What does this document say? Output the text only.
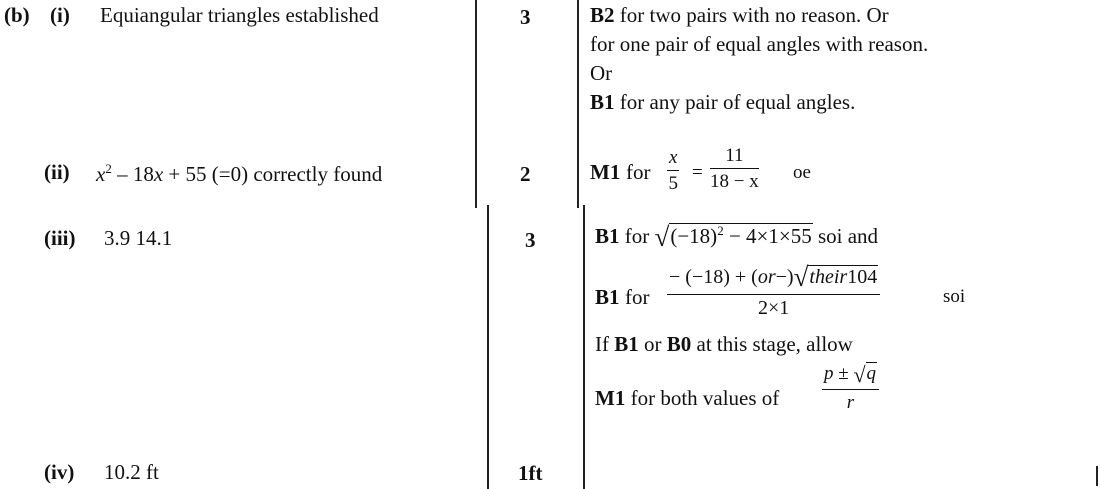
(b) (i) Equiangular triangles established	3	B2 for two pairs with no reason. Or
for one pair of equal angles with reason.
Or
B1 for any pair of equal angles.
(ii) $x^2 - 18x + 55$ (=0) correctly found	2	M1 for
x
5
=
11
18 − x oe
(iii) 3.9 14.1	3	B1 for $√(-18)^2 - 4\times 1\times 55$ soi and
B1 for
− (−18) + (or−)√their104
2×1
soi
If B1 or B0 at this stage, allow
M1 for both values of
p ± √q
r
(iv) 10.2 ft	1ft
